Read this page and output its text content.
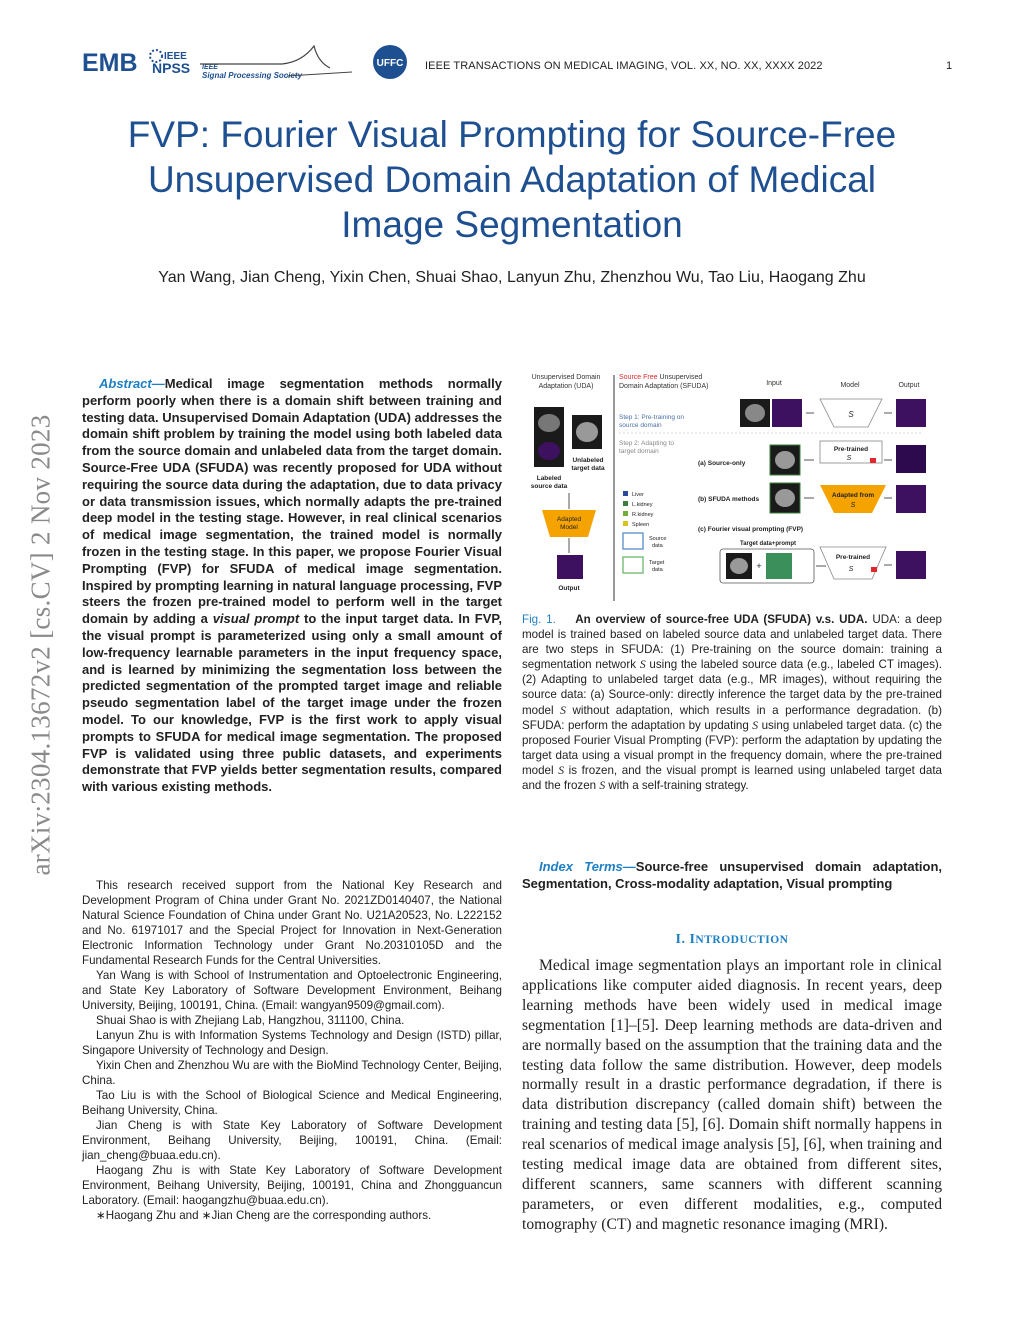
EMB	IEEE
NPSS IEEE
Signal Processing Society
UFFC IEEE TRANSACTIONS ON MEDICAL IMAGING, VOL. XX, NO. XX, XXXX 2022	1
FVP: Fourier Visual Prompting for Source-Free
Unsupervised Domain Adaptation of Medical
Image Segmentation
Yan Wang, Jian Cheng, Yixin Chen, Shuai Shao, Lanyun Zhu, Zhenzhou Wu, Tao Liu, Haogang Zhu
arXiv:2304.13672v2 [cs.CV] 2 Nov 2023

Abstract—Medical image segmentation methods normally perform poorly when there is a domain shift between training and testing data. Unsupervised Domain Adaptation (UDA) addresses the domain shift problem by training the model using both labeled data from the source domain and unlabeled data from the target domain. Source-Free UDA (SFUDA) was recently proposed for UDA without requiring the source data during the adaptation, due to data privacy or data transmission issues, which normally adapts the pre-trained deep model in the testing stage. However, in real clinical scenarios of medical image segmentation, the trained model is normally frozen in the testing stage. In this paper, we propose Fourier Visual Prompting (FVP) for SFUDA of medical image segmentation. Inspired by prompting learning in natural language processing, FVP steers the frozen pre-trained model to perform well in the target domain by adding a visual prompt to the input target data. In FVP, the visual prompt is parameterized using only a small amount of low-frequency learnable parameters in the input frequency space, and is learned by minimizing the segmentation loss between the predicted segmentation of the prompted target image and reliable pseudo segmentation label of the target image under the frozen model. To our knowledge, FVP is the first work to apply visual prompts to SFUDA for medical image segmentation. The proposed FVP is validated using three public datasets, and experiments demonstrate that FVP yields better segmentation results, compared with various existing methods.

This research received support from the National Key Research and Development Program of China under Grant No. 2021ZD0140407, the National Natural Science Foundation of China under Grant No. U21A20523, No. L222152 and No. 61971017 and the Special Project for Innovation in Next-Generation Electronic Information Technology under Grant No.20310105D and the Fundamental Research Funds for the Central Universities.

Yan Wang is with School of Instrumentation and Optoelectronic Engineering, and State Key Laboratory of Software Development Environment, Beihang University, Beijing, 100191, China. (Email: wangyan9509@gmail.com).

Shuai Shao is with Zhejiang Lab, Hangzhou, 311100, China.

Lanyun Zhu is with Information Systems Technology and Design (ISTD) pillar, Singapore University of Technology and Design.

Yixin Chen and Zhenzhou Wu are with the BioMind Technology Center, Beijing, China.

Tao Liu is with the School of Biological Science and Medical Engineering, Beihang University, China.

Jian Cheng is with State Key Laboratory of Software Development Environment, Beihang University, Beijing, 100191, China. (Email: jian_cheng@buaa.edu.cn).

Haogang Zhu is with State Key Laboratory of Software Development Environment, Beihang University, Beijing, 100191, China and Zhongguancun Laboratory. (Email: haogangzhu@buaa.edu.cn).

∗Haogang Zhu and ∗Jian Cheng are the corresponding authors.

Unsupervised Domain
Adaptation (UDA)
Unlabeled
target data
Labeled
source data
Adapted
Model
Output
Source Free Unsupervised
Domain Adaptation (SFUDA)	Input	Model	Output
Step 1: Pre-training on
source domain
Step 2: Adapting to
target domain
S
(a) Source-only
Pre-trained
S
(b) SFUDA methods
Adapted from
S
Liver
L.kidney
R.kidney
Spleen
Source
data
Target
data
(c) Fourier visual prompting (FVP)
Target data+prompt
+
Pre-trained
S

Fig. 1. An overview of source-free UDA (SFUDA) v.s. UDA. UDA: a deep model is trained based on labeled source data and unlabeled target data. There are two steps in SFUDA: (1) Pre-training on the source domain: training a segmentation network S using the labeled source data (e.g., labeled CT images). (2) Adapting to unlabeled target data (e.g., MR images), without requiring the source data: (a) Source-only: directly inference the target data by the pre-trained model S without adaptation, which results in a performance degradation. (b) SFUDA: perform the adaptation by updating S using unlabeled target data. (c) the proposed Fourier Visual Prompting (FVP): perform the adaptation by updating the target data using a visual prompt in the frequency domain, where the pre-trained model S is frozen, and the visual prompt is learned using unlabeled target data and the frozen S with a self-training strategy.

Index Terms—Source-free unsupervised domain adaptation, Segmentation, Cross-modality adaptation, Visual prompting

I. INTRODUCTION

Medical image segmentation plays an important role in clinical applications like computer aided diagnosis. In recent years, deep learning methods have been widely used in medical image segmentation [1]–[5]. Deep learning methods are data-driven and are normally based on the assumption that the training data and the testing data follow the same distribution. However, deep models normally result in a drastic performance degradation, if there is data distribution discrepancy (called domain shift) between the training and testing data [5], [6]. Domain shift normally happens in real scenarios of medical image analysis [5], [6], when training and testing medical image data are obtained from different sites, different scanners, same scanners with different scanning parameters, or even different modalities, e.g., computed tomography (CT) and magnetic resonance imaging (MRI).
